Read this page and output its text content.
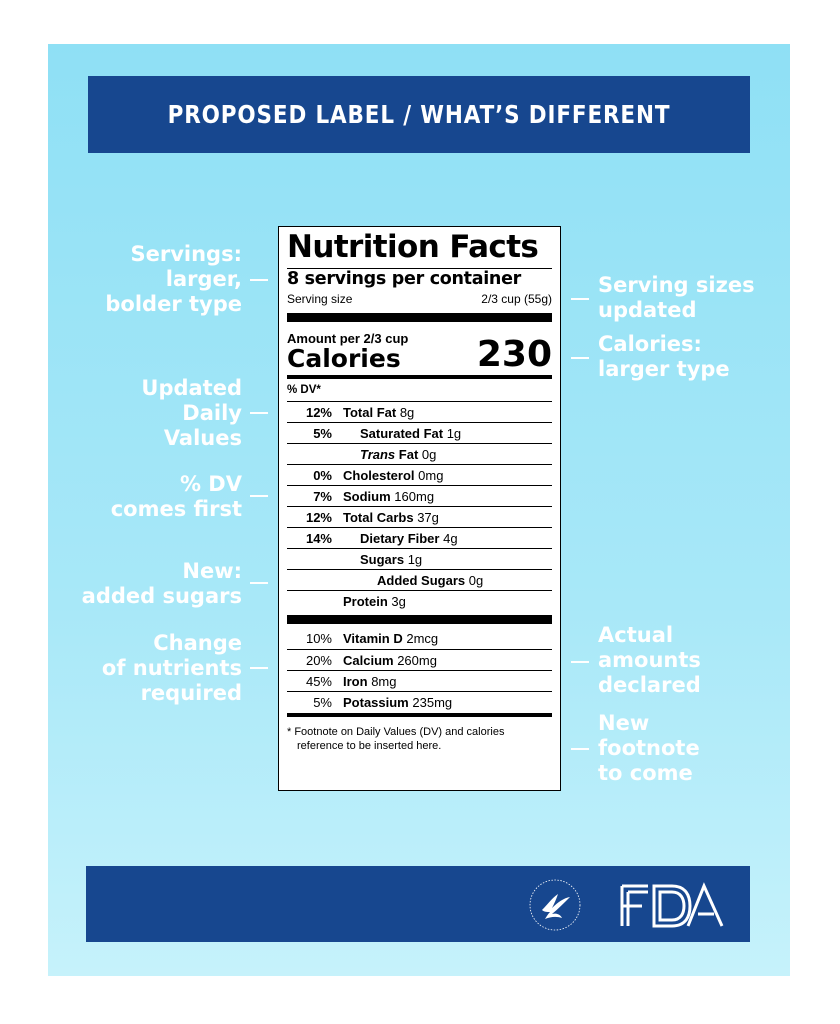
PROPOSED LABEL / WHAT’S DIFFERENT
Servings:
larger,
bolder type
Updated
Daily
Values
% DV
comes first
New:
added sugars
Change
of nutrients
required
Serving sizes
updated
Calories:
larger type
Actual
amounts
declared
New
footnote
to come
Nutrition Facts
8 servings per container
Serving size	2/3 cup (55g)
Amount per 2/3 cup
Calories 230
% DV*
12% Total Fat 8g
5% Saturated Fat 1g
Trans Fat 0g
0% Cholesterol 0mg
7% Sodium 160mg
12% Total Carbs 37g
14% Dietary Fiber 4g
Sugars 1g
Added Sugars 0g
Protein 3g
10% Vitamin D 2mcg
20% Calcium 260mg
45% Iron 8mg
5% Potassium 235mg
* Footnote on Daily Values (DV) and calories
reference to be inserted here.
